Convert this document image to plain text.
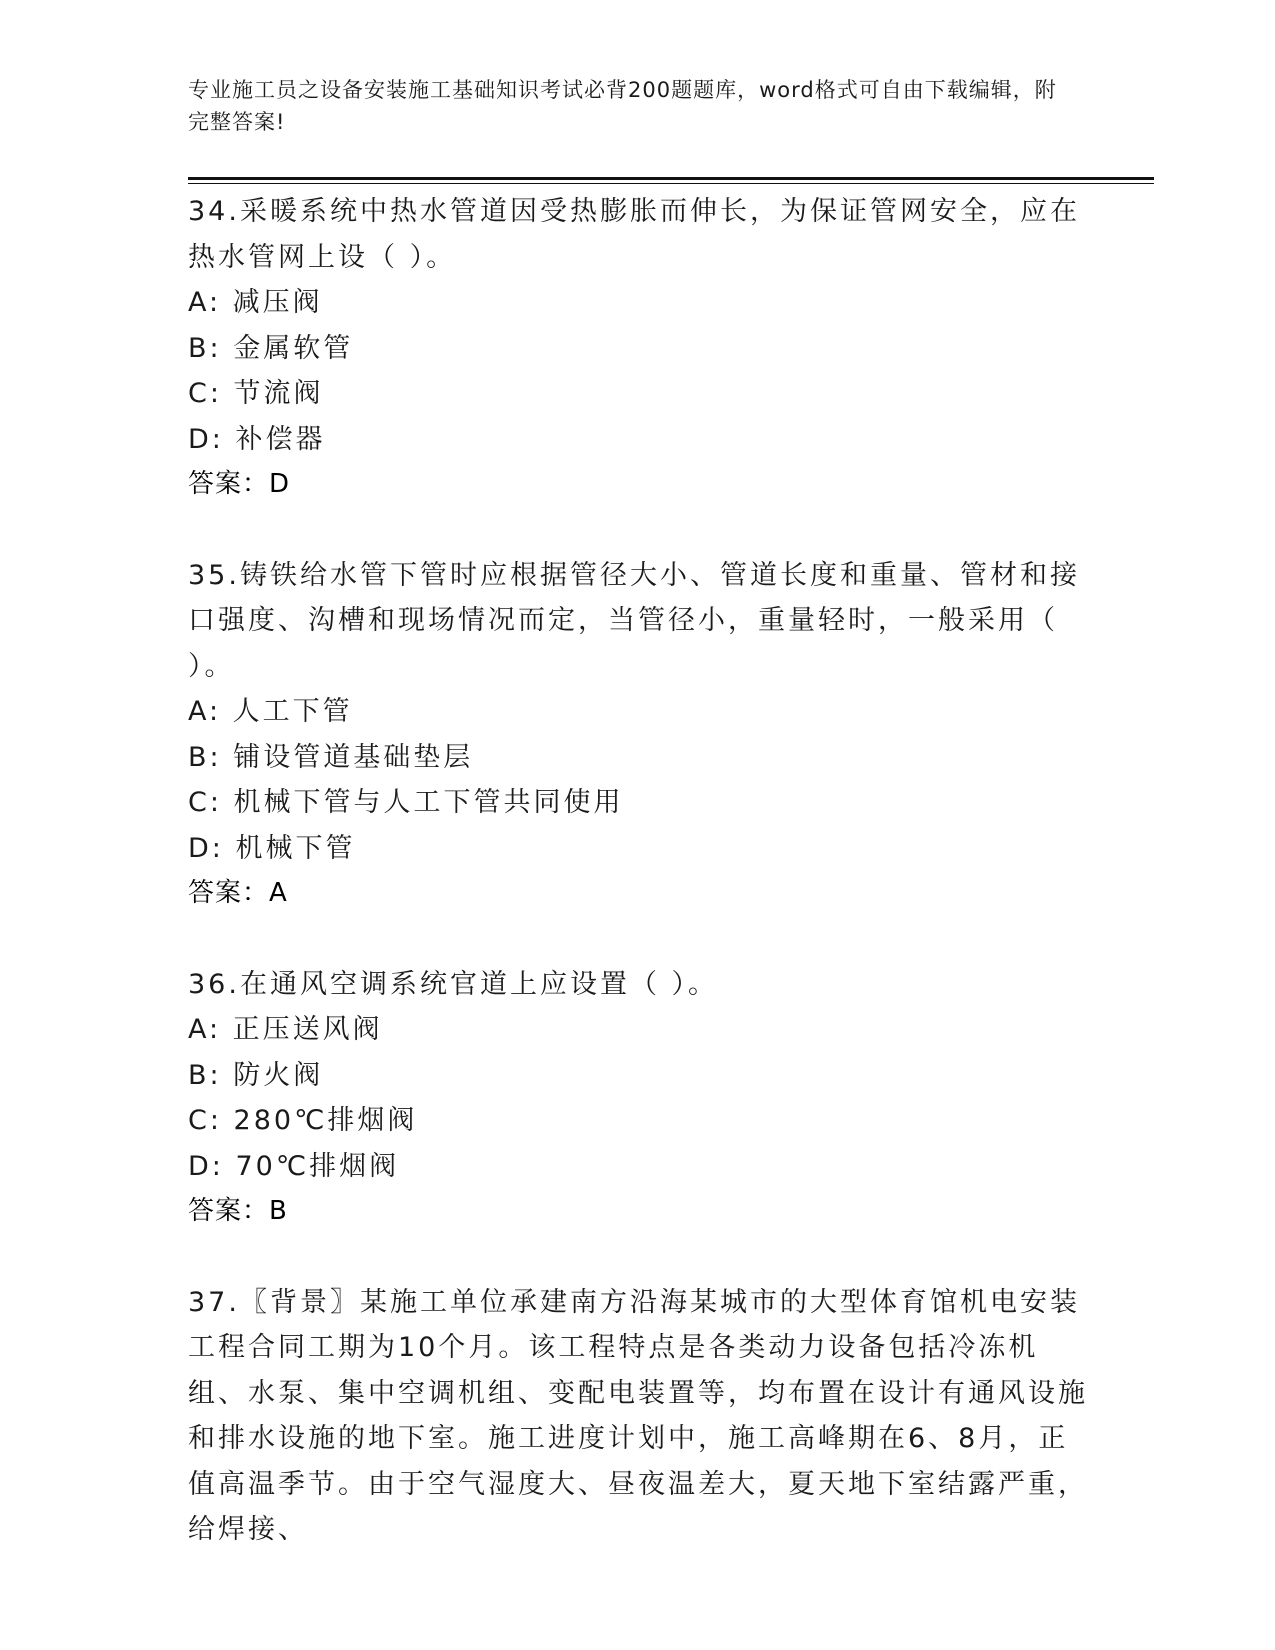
专业施工员之设备安装施工基础知识考试必背200题题库，word格式可自由下载编辑，附完整答案!
34.采暖系统中热水管道因受热膨胀而伸长，为保证管网安全，应在热水管网上设（ ）。
A: 减压阀
B: 金属软管
C: 节流阀
D: 补偿器
答案：D
35.铸铁给水管下管时应根据管径大小、管道长度和重量、管材和接口强度、沟槽和现场情况而定，当管径小，重量轻时，一般采用（ ）。
A: 人工下管
B: 铺设管道基础垫层
C: 机械下管与人工下管共同使用
D: 机械下管
答案：A
36.在通风空调系统官道上应设置（ ）。
A: 正压送风阀
B: 防火阀
C: 280℃排烟阀
D: 70℃排烟阀
答案：B
37.〖背景〗某施工单位承建南方沿海某城市的大型体育馆机电安装工程合同工期为10个月。该工程特点是各类动力设备包括冷冻机组、水泵、集中空调机组、变配电装置等，均布置在设计有通风设施和排水设施的地下室。施工进度计划中，施工高峰期在6、8月，正值高温季节。由于空气湿度大、昼夜温差大，夏天地下室结露严重，给焊接、
